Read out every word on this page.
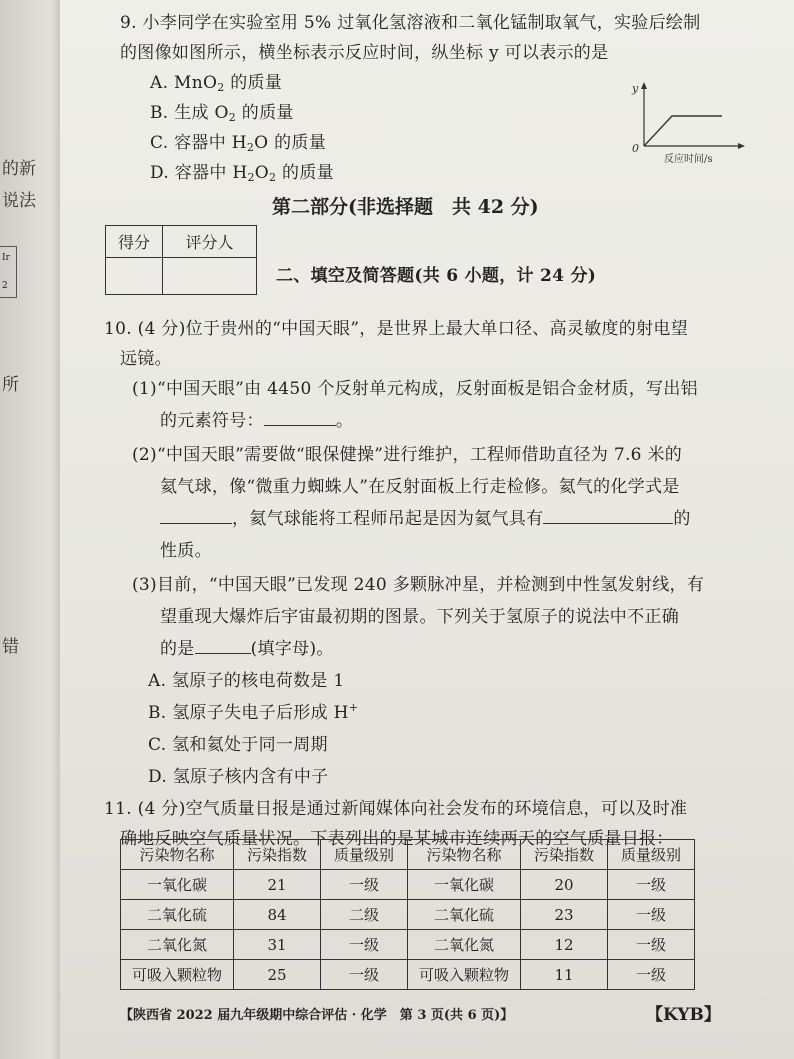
的新
说法
Ir
2
所
错
9. 小李同学在实验室用 5% 过氧化氢溶液和二氧化锰制取氧气，实验后绘制
的图像如图所示，横坐标表示反应时间，纵坐标 y 可以表示的是
A. MnO$_2$ 的质量
B. 生成 $O_2$ 的质量
C. 容器中 $H_2O$ 的质量
D. 容器中 $H_2O_2$ 的质量
y
0
反应时间/s
第二部分(非选择题　共 42 分)
得分	评分人

二、填空及简答题(共 6 小题，计 24 分)
10. (4 分)位于贵州的“中国天眼”，是世界上最大单口径、高灵敏度的射电望
远镜。
(1)“中国天眼”由 4450 个反射单元构成，反射面板是铝合金材质，写出铝
的元素符号：	。
(2)“中国天眼”需要做“眼保健操”进行维护，工程师借助直径为 7.6 米的
氦气球，像“微重力蜘蛛人”在反射面板上行走检修。氦气的化学式是
，氦气球能将工程师吊起是因为氦气具有	的
性质。
(3)目前，“中国天眼”已发现 240 多颗脉冲星，并检测到中性氢发射线，有
望重现大爆炸后宇宙最初期的图景。下列关于氢原子的说法中不正确
的是	(填字母)。
A. 氢原子的核电荷数是 1
B. 氢原子失电子后形成 H+
C. 氢和氦处于同一周期
D. 氢原子核内含有中子
11. (4 分)空气质量日报是通过新闻媒体向社会发布的环境信息，可以及时准
确地反映空气质量状况。下表列出的是某城市连续两天的空气质量日报：
污染物名称	污染指数	质量级别	污染物名称	污染指数	质量级别
一氧化碳	21	一级	一氧化碳	20	一级
二氧化硫	84	二级	二氧化硫	23	一级
二氧化氮	31	一级	二氧化氮	12	一级
可吸入颗粒物	25	一级	可吸入颗粒物	11	一级
【陕西省 2022 届九年级期中综合评估 · 化学　第 3 页(共 6 页)】	【KYB】
